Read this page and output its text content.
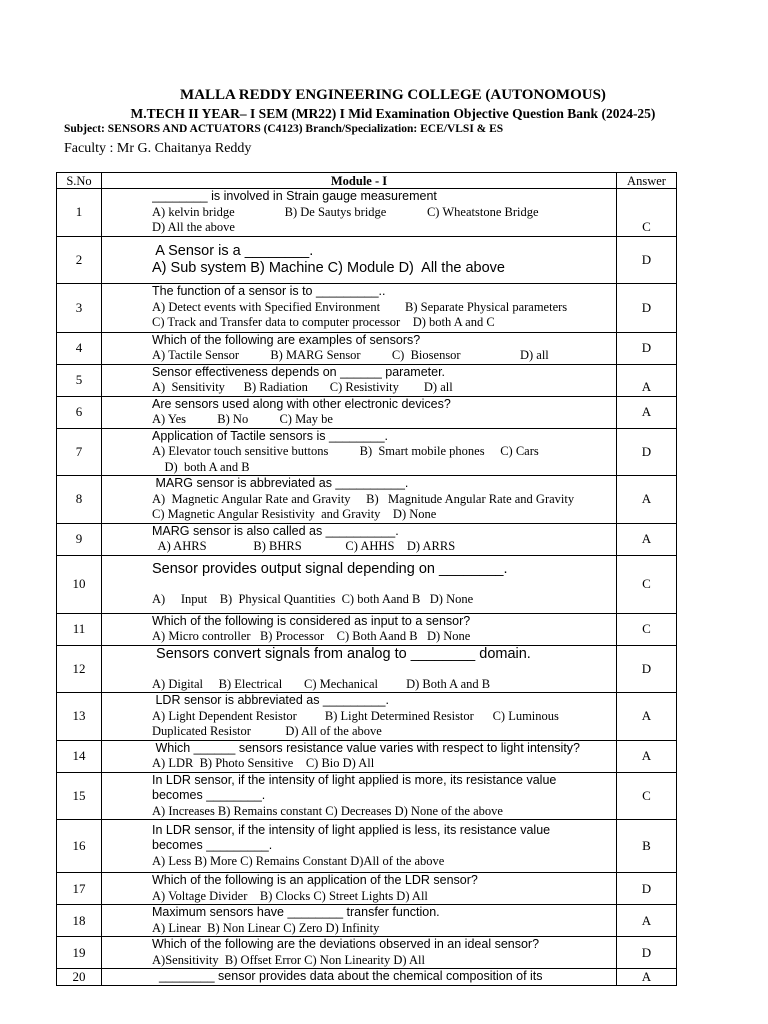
MALLA REDDY ENGINEERING COLLEGE (AUTONOMOUS)
M.TECH II YEAR– I SEM (MR22) I Mid Examination Objective Question Bank (2024-25)
Subject: SENSORS AND ACTUATORS (C4123) Branch/Specialization: ECE/VLSI & ES
Faculty : Mr G. Chaitanya Reddy
S.No	Module - I	Answer
1	________ is involved in Strain gauge measurement
A) kelvin bridge                B) De Sautys bridge             C) Wheatstone Bridge
D) All the above	C
2	A Sensor is a ________.
A) Sub system B) Machine C) Module D)  All the above	D
3	The function of a sensor is to _________..
A) Detect events with Specified Environment        B) Separate Physical parameters
C) Track and Transfer data to computer processor    D) both A and C	D
4	Which of the following are examples of sensors?
A) Tactile Sensor          B) MARG Sensor          C)  Biosensor                   D) all	D
5	Sensor effectiveness depends on ______ parameter.
A)  Sensitivity      B) Radiation       C) Resistivity        D) all	A
6	Are sensors used along with other electronic devices?
A) Yes          B) No          C) May be	A
7	Application of Tactile sensors is ________.
A) Elevator touch sensitive buttons          B)  Smart mobile phones     C) Cars
D)  both A and B	D
8	MARG sensor is abbreviated as __________.
A)  Magnetic Angular Rate and Gravity     B)   Magnitude Angular Rate and Gravity
C) Magnetic Angular Resistivity  and Gravity    D) None	A
9	MARG sensor is also called as __________.
A) AHRS               B) BHRS              C) AHHS    D) ARRS	A
10	Sensor provides output signal depending on ________.
A)     Input    B)  Physical Quantities  C) both Aand B   D) None	C
11	Which of the following is considered as input to a sensor?
A) Micro controller   B) Processor    C) Both Aand B   D) None	C
12	Sensors convert signals from analog to ________ domain.
A) Digital     B) Electrical       C) Mechanical         D) Both A and B	D
13	LDR sensor is abbreviated as _________.
A) Light Dependent Resistor         B) Light Determined Resistor      C) Luminous
Duplicated Resistor           D) All of the above	A
14	Which ______ sensors resistance value varies with respect to light intensity?
A) LDR  B) Photo Sensitive    C) Bio D) All	A
15	In LDR sensor, if the intensity of light applied is more, its resistance value
becomes ________.
A) Increases B) Remains constant C) Decreases D) None of the above	C
16	In LDR sensor, if the intensity of light applied is less, its resistance value
becomes _________.
A) Less B) More C) Remains Constant D)All of the above	B
17	Which of the following is an application of the LDR sensor?
A) Voltage Divider    B) Clocks C) Street Lights D) All	D
18	Maximum sensors have ________ transfer function.
A) Linear  B) Non Linear C) Zero D) Infinity	A
19	Which of the following are the deviations observed in an ideal sensor?
A)Sensitivity  B) Offset Error C) Non Linearity D) All	D
20	________ sensor provides data about the chemical composition of its	A
